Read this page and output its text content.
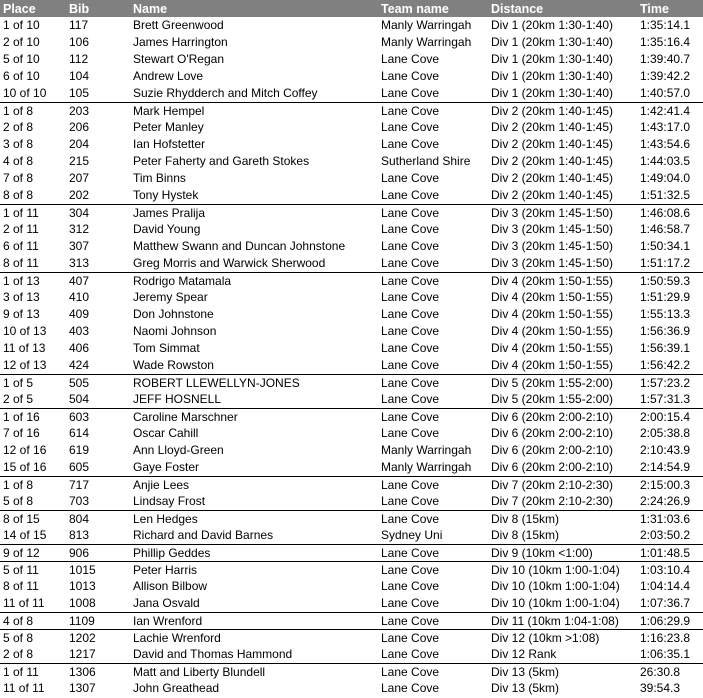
Place	Bib	Name	Team name	Distance	Time
1 of 10	117	Brett Greenwood	Manly Warringah	Div 1 (20km 1:30-1:40)	1:35:14.1
2 of 10	106	James Harrington	Manly Warringah	Div 1 (20km 1:30-1:40)	1:35:16.4
5 of 10	112	Stewart O'Regan	Lane Cove	Div 1 (20km 1:30-1:40)	1:39:40.7
6 of 10	104	Andrew Love	Lane Cove	Div 1 (20km 1:30-1:40)	1:39:42.2
10 of 10	105	Suzie Rhydderch and Mitch Coffey	Lane Cove	Div 1 (20km 1:30-1:40)	1:40:57.0
1 of 8	203	Mark Hempel	Lane Cove	Div 2 (20km 1:40-1:45)	1:42:41.4
2 of 8	206	Peter Manley	Lane Cove	Div 2 (20km 1:40-1:45)	1:43:17.0
3 of 8	204	Ian Hofstetter	Lane Cove	Div 2 (20km 1:40-1:45)	1:43:54.6
4 of 8	215	Peter Faherty and Gareth Stokes	Sutherland Shire	Div 2 (20km 1:40-1:45)	1:44:03.5
7 of 8	207	Tim Binns	Lane Cove	Div 2 (20km 1:40-1:45)	1:49:04.0
8 of 8	202	Tony Hystek	Lane Cove	Div 2 (20km 1:40-1:45)	1:51:32.5
1 of 11	304	James Pralija	Lane Cove	Div 3 (20km 1:45-1:50)	1:46:08.6
2 of 11	312	David Young	Lane Cove	Div 3 (20km 1:45-1:50)	1:46:58.7
6 of 11	307	Matthew Swann and Duncan Johnstone	Lane Cove	Div 3 (20km 1:45-1:50)	1:50:34.1
8 of 11	313	Greg Morris and Warwick Sherwood	Lane Cove	Div 3 (20km 1:45-1:50)	1:51:17.2
1 of 13	407	Rodrigo Matamala	Lane Cove	Div 4 (20km 1:50-1:55)	1:50:59.3
3 of 13	410	Jeremy Spear	Lane Cove	Div 4 (20km 1:50-1:55)	1:51:29.9
9 of 13	409	Don Johnstone	Lane Cove	Div 4 (20km 1:50-1:55)	1:55:13.3
10 of 13	403	Naomi Johnson	Lane Cove	Div 4 (20km 1:50-1:55)	1:56:36.9
11 of 13	406	Tom Simmat	Lane Cove	Div 4 (20km 1:50-1:55)	1:56:39.1
12 of 13	424	Wade Rowston	Lane Cove	Div 4 (20km 1:50-1:55)	1:56:42.2
1 of 5	505	ROBERT LLEWELLYN-JONES	Lane Cove	Div 5 (20km 1:55-2:00)	1:57:23.2
2 of 5	504	JEFF HOSNELL	Lane Cove	Div 5 (20km 1:55-2:00)	1:57:31.3
1 of 16	603	Caroline Marschner	Lane Cove	Div 6 (20km 2:00-2:10)	2:00:15.4
7 of 16	614	Oscar Cahill	Lane Cove	Div 6 (20km 2:00-2:10)	2:05:38.8
12 of 16	619	Ann Lloyd-Green	Manly Warringah	Div 6 (20km 2:00-2:10)	2:10:43.9
15 of 16	605	Gaye Foster	Manly Warringah	Div 6 (20km 2:00-2:10)	2:14:54.9
1 of 8	717	Anjie Lees	Lane Cove	Div 7 (20km 2:10-2:30)	2:15:00.3
5 of 8	703	Lindsay Frost	Lane Cove	Div 7 (20km 2:10-2:30)	2:24:26.9
8 of 15	804	Len Hedges	Lane Cove	Div 8 (15km)	1:31:03.6
14 of 15	813	Richard and David Barnes	Sydney Uni	Div 8 (15km)	2:03:50.2
9 of 12	906	Phillip Geddes	Lane Cove	Div 9 (10km <1:00)	1:01:48.5
5 of 11	1015	Peter Harris	Lane Cove	Div 10 (10km 1:00-1:04)	1:03:10.4
8 of 11	1013	Allison Bilbow	Lane Cove	Div 10 (10km 1:00-1:04)	1:04:14.4
11 of 11	1008	Jana Osvald	Lane Cove	Div 10 (10km 1:00-1:04)	1:07:36.7
4 of 8	1109	Ian Wrenford	Lane Cove	Div 11 (10km 1:04-1:08)	1:06:29.9
5 of 8	1202	Lachie Wrenford	Lane Cove	Div 12 (10km >1:08)	1:16:23.8
2 of 8	1217	David and Thomas Hammond	Lane Cove	Div 12 Rank	1:06:35.1
1 of 11	1306	Matt and Liberty Blundell	Lane Cove	Div 13 (5km)	26:30.8
11 of 11	1307	John Greathead	Lane Cove	Div 13 (5km)	39:54.3
